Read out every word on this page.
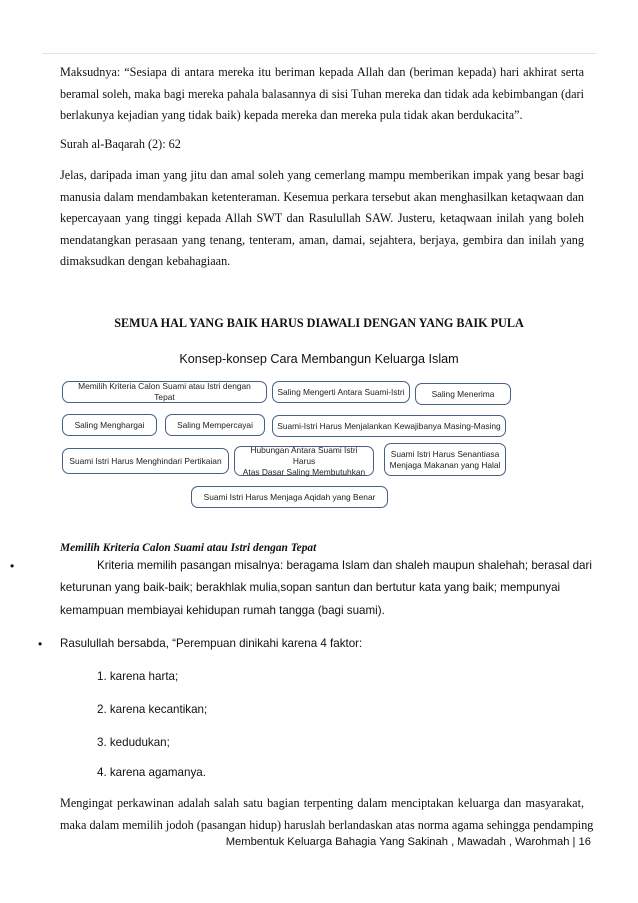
Maksudnya: “Sesiapa di antara mereka itu beriman kepada Allah dan (beriman kepada) hari akhirat serta
beramal soleh, maka bagi mereka pahala balasannya di sisi Tuhan mereka dan tidak ada kebimbangan (dari
berlakunya kejadian yang tidak baik) kepada mereka dan mereka pula tidak akan berdukacita”.
Surah al-Baqarah (2): 62
Jelas, daripada iman yang jitu dan amal soleh yang cemerlang mampu memberikan impak yang besar bagi
manusia dalam mendambakan ketenteraman. Kesemua perkara tersebut akan menghasilkan ketaqwaan dan
kepercayaan yang tinggi kepada Allah SWT dan Rasulullah SAW. Justeru, ketaqwaan inilah yang boleh
mendatangkan perasaan yang tenang, tenteram, aman, damai, sejahtera, berjaya, gembira dan inilah yang
dimaksudkan dengan kebahagiaan.
SEMUA HAL YANG BAIK HARUS DIAWALI DENGAN YANG BAIK PULA
Konsep-konsep Cara Membangun Keluarga Islam
Memilih Kriteria Calon Suami atau Istri dengan Tepat
Saling Mengerti Antara Suami-Istri	Saling Menerima
Saling Menghargai	Saling Mempercayai	Suami-Istri Harus Menjalankan Kewajibanya Masing-Masing
Suami Istri Harus Menghindari Pertikaian
Hubungan Antara Suami Istri Harus
Atas Dasar Saling Membutuhkan
Suami Istri Harus Senantiasa
Menjaga Makanan yang Halal
Suami Istri Harus Menjaga Aqidah yang Benar
Memilih Kriteria Calon Suami atau Istri dengan Tepat
•	Kriteria memilih pasangan misalnya: beragama Islam dan shaleh maupun shalehah; berasal dari
keturunan yang baik-baik; berakhlak mulia,sopan santun dan bertutur kata yang baik; mempunyai
kemampuan membiayai kehidupan rumah tangga (bagi suami).
• Rasulullah bersabda, “Perempuan dinikahi karena 4 faktor:
1. karena harta;
2. karena kecantikan;
3. kedudukan;
4. karena agamanya.
Mengingat perkawinan adalah salah satu bagian terpenting dalam menciptakan keluarga dan masyarakat,
maka dalam memilih jodoh (pasangan hidup) haruslah berlandaskan atas norma agama sehingga pendamping
Membentuk Keluarga Bahagia Yang Sakinah , Mawadah , Warohmah | 16
